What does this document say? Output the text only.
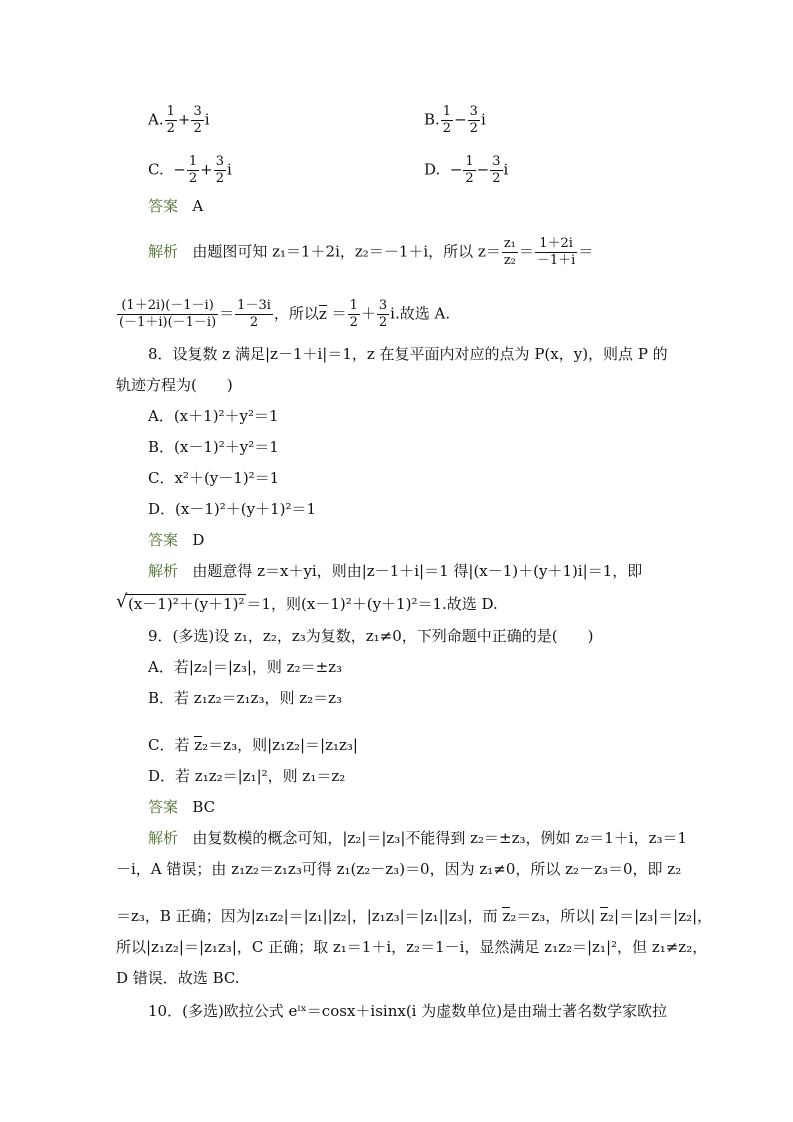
A. $\frac{1}{2} + \frac{3}{2}$ i	B. $\frac{1}{2} - \frac{3}{2}$ i
C. − $\frac{1}{2} + \frac{3}{2}$ i	D. − $\frac{1}{2} - \frac{3}{2}$ i
答案 A
解析 由题图可知 z₁＝1＋2i，z₂＝－1＋i，所以 $z= \frac{\text{z₁}}{\text{z₂}} = \frac{1+2i}{-1+i}$ ＝
$\frac{(1+2i)(-1-i)}{(-1+i)(-1-i)} = \frac{1-3i}{2}$ ，所以$z = \frac{1}{2} + \frac{3}{2} i$.故选 A.
8．设复数 z 满足|z－1＋i|＝1，z 在复平面内对应的点为 P(x，y)，则点 P 的
轨迹方程为(　　)
A．(x＋1)²＋y²＝1
B．(x－1)²＋y²＝1
C．x²＋(y－1)²＝1
D．(x－1)²＋(y＋1)²＝1
答案 D
解析 由题意得 z＝x＋yi，则由|z－1＋i|＝1 得|(x－1)＋(y＋1)i|＝1，即
√ (x－1)²＋(y＋1)² ＝1，则(x－1)²＋(y＋1)²＝1.故选 D.
9．(多选)设 z₁，z₂，z₃为复数，z₁≠0，下列命题中正确的是(　　)
A．若|z₂|＝|z₃|，则 z₂＝±z₃
B．若 z₁z₂＝z₁z₃，则 z₂＝z₃
C．若 z₂＝z₃，则|z₁z₂|＝|z₁z₃|
D．若 z₁z₂＝|z₁|²，则 z₁＝z₂
答案 BC
解析 由复数模的概念可知，|z₂|＝|z₃|不能得到 z₂＝±z₃，例如 z₂＝1＋i，z₃＝1
－i，A 错误；由 z₁z₂＝z₁z₃可得 z₁(z₂－z₃)＝0，因为 z₁≠0，所以 z₂－z₃＝0，即 z₂
＝z₃，B 正确；因为|z₁z₂|＝|z₁||z₂|，|z₁z₃|＝|z₁||z₃|，而 z₂＝z₃，所以| z₂|＝|z₃|＝|z₂|，
所以|z₁z₂|＝|z₁z₃|，C 正确；取 z₁＝1＋i，z₂＝1－i，显然满足 z₁z₂＝|z₁|²，但 z₁≠z₂，
D 错误．故选 BC.
10．(多选)欧拉公式 eⁱˣ＝cosx＋isinx(i 为虚数单位)是由瑞士著名数学家欧拉
